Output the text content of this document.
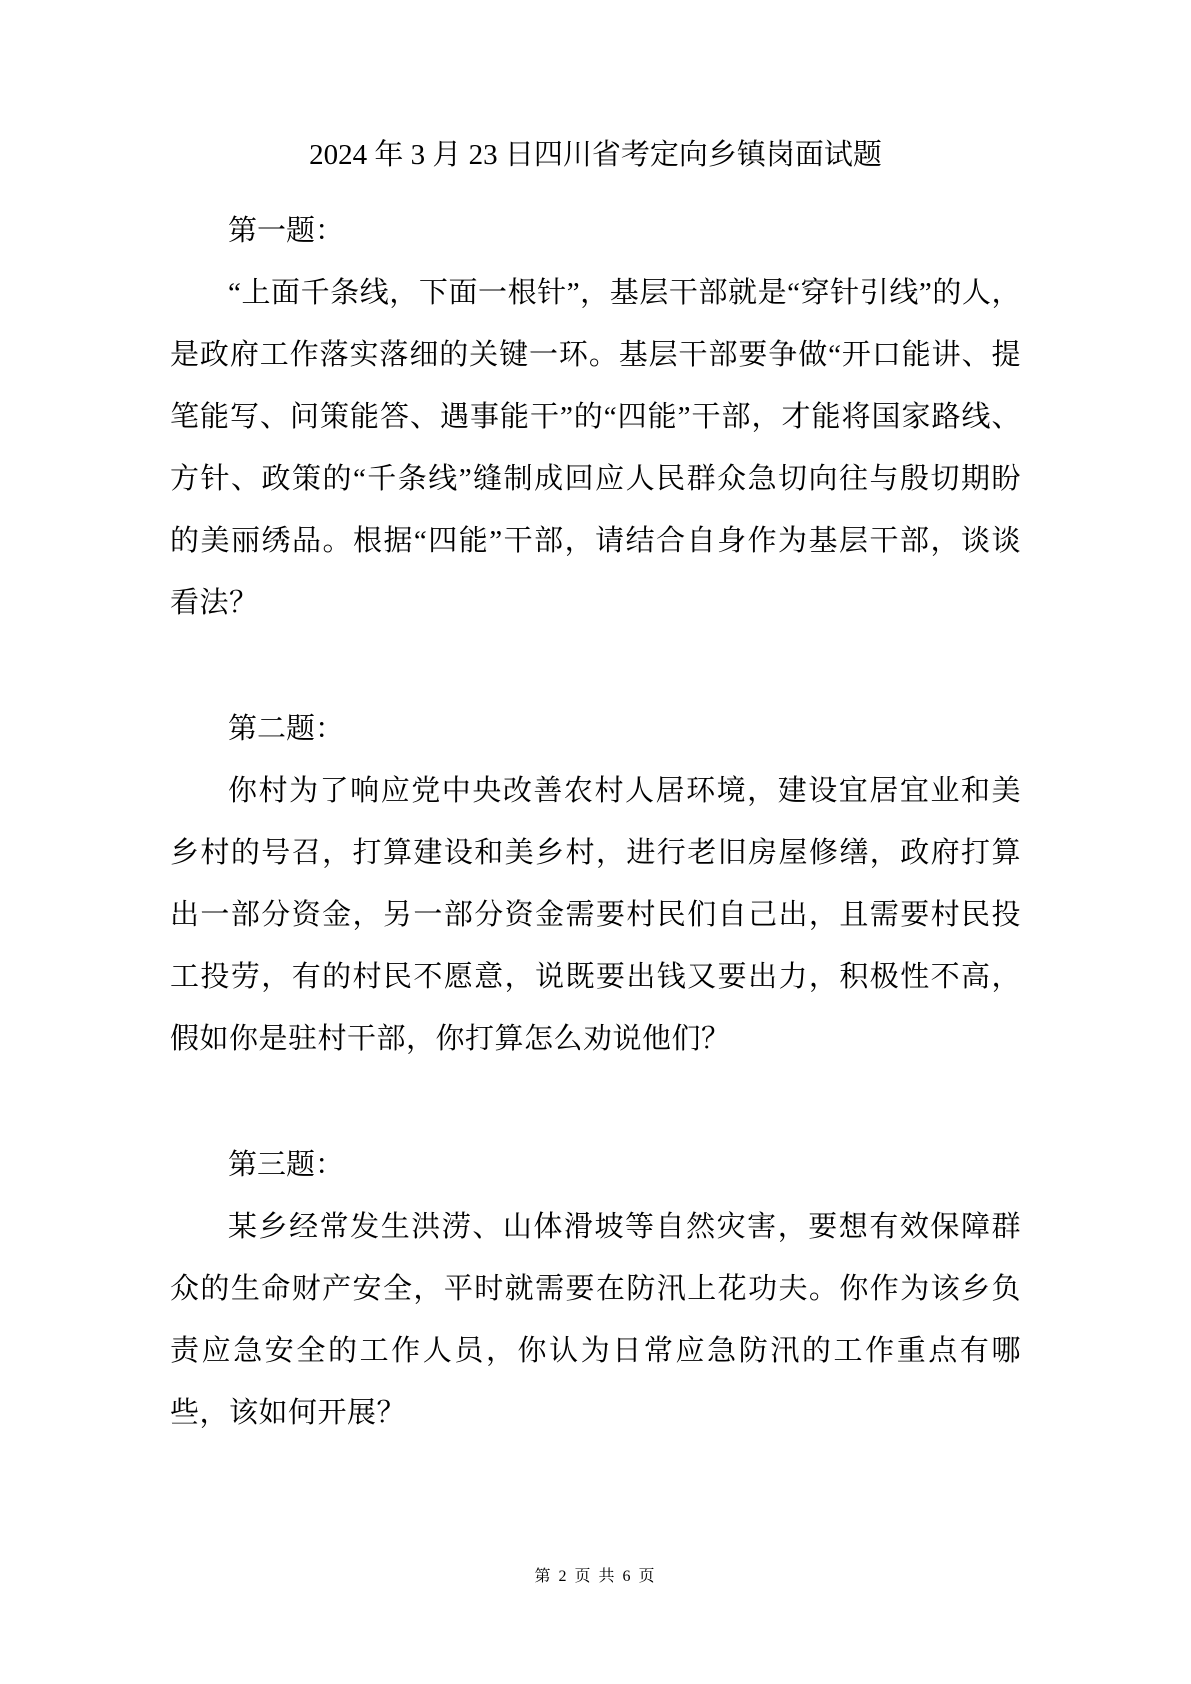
2024 年 3 月 23 日四川省考定向乡镇岗面试题

第一题：

“上面千条线，下面一根针”，基层干部就是“穿针引线”的人，是政府工作落实落细的关键一环。基层干部要争做“开口能讲、提笔能写、问策能答、遇事能干”的“四能”干部，才能将国家路线、方针、政策的“千条线”缝制成回应人民群众急切向往与殷切期盼的美丽绣品。根据“四能”干部，请结合自身作为基层干部，谈谈看法？

第二题：

你村为了响应党中央改善农村人居环境，建设宜居宜业和美乡村的号召，打算建设和美乡村，进行老旧房屋修缮，政府打算出一部分资金，另一部分资金需要村民们自己出，且需要村民投工投劳，有的村民不愿意，说既要出钱又要出力，积极性不高，假如你是驻村干部，你打算怎么劝说他们？

第三题：

某乡经常发生洪涝、山体滑坡等自然灾害，要想有效保障群众的生命财产安全，平时就需要在防汛上花功夫。你作为该乡负责应急安全的工作人员，你认为日常应急防汛的工作重点有哪些，该如何开展？

第 2 页 共 6 页
